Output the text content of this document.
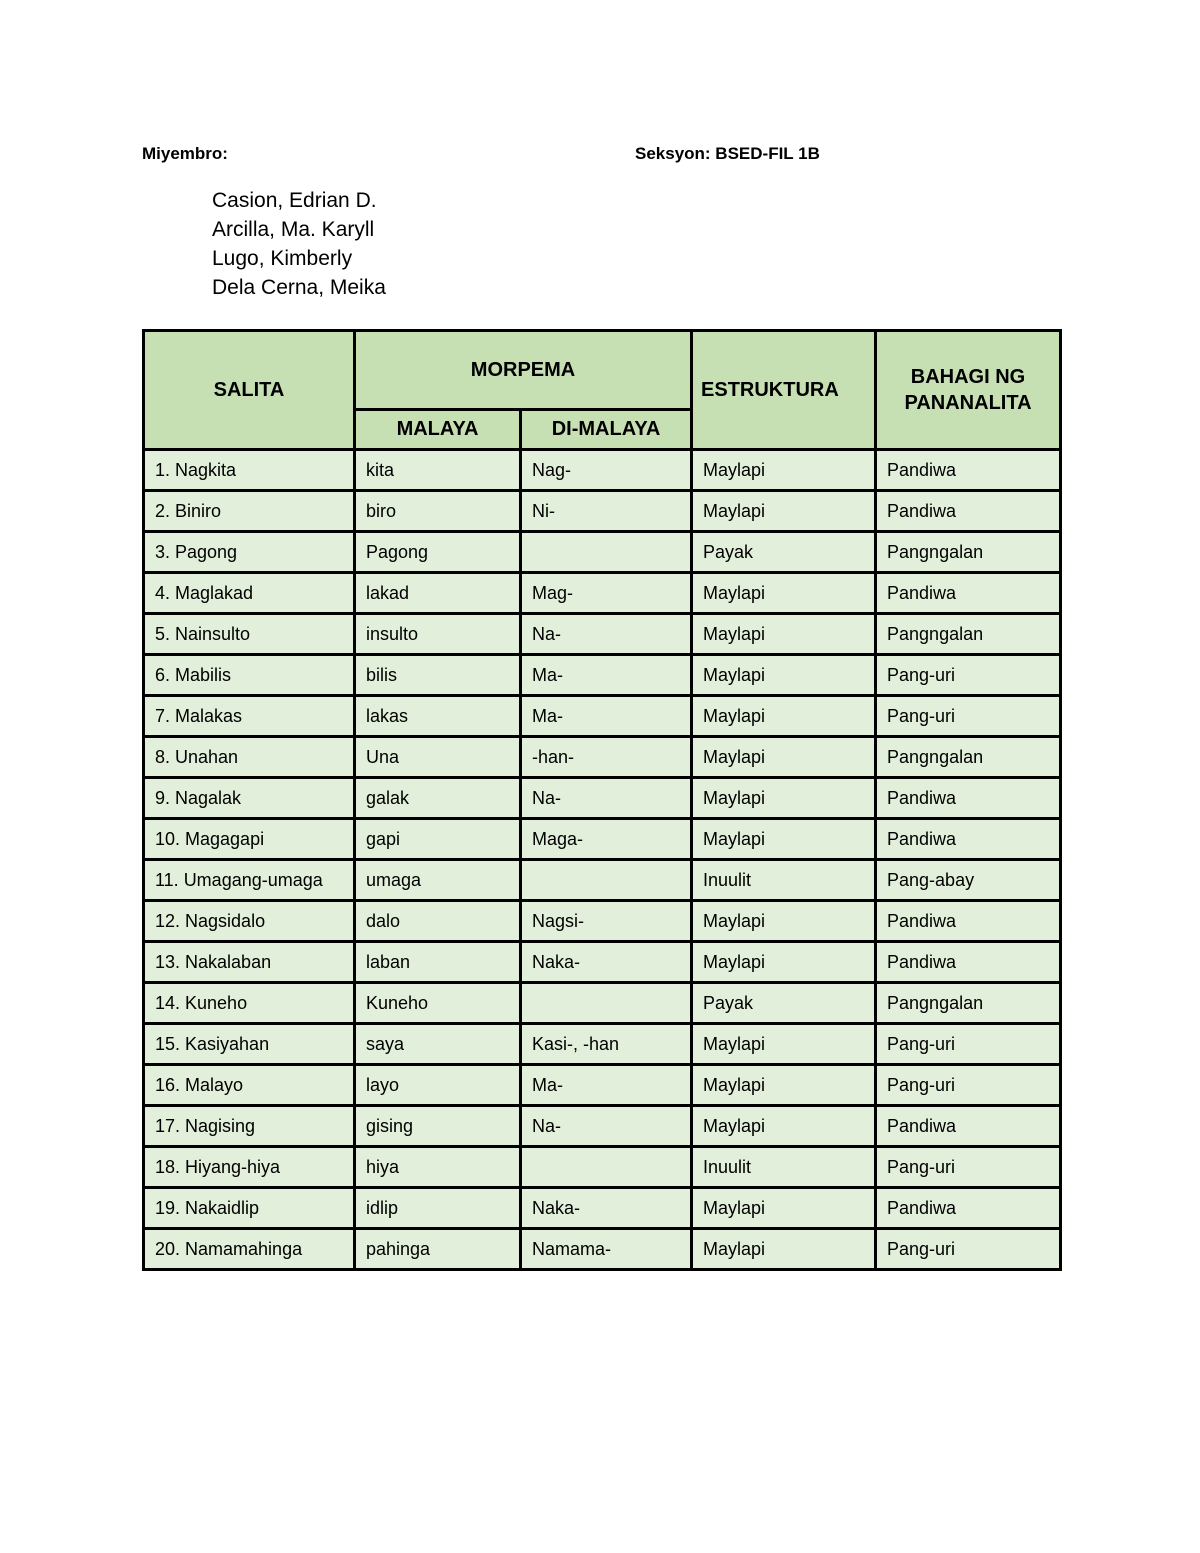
Miyembro:	Seksyon: BSED-FIL 1B
Casion, Edrian D.
Arcilla, Ma. Karyll
Lugo, Kimberly
Dela Cerna, Meika
SALITA	MORPEMA		ESTRUKTURA	BAHAGI NG
PANANALITA
	MALAYA	DI-MALAYA		
1. Nagkita	kita	Nag-	Maylapi	Pandiwa
2. Biniro	biro	Ni-	Maylapi	Pandiwa
3. Pagong	Pagong		Payak	Pangngalan
4. Maglakad	lakad	Mag-	Maylapi	Pandiwa
5. Nainsulto	insulto	Na-	Maylapi	Pangngalan
6. Mabilis	bilis	Ma-	Maylapi	Pang-uri
7. Malakas	lakas	Ma-	Maylapi	Pang-uri
8. Unahan	Una	-han-	Maylapi	Pangngalan
9. Nagalak	galak	Na-	Maylapi	Pandiwa
10. Magagapi	gapi	Maga-	Maylapi	Pandiwa
11. Umagang-umaga	umaga		Inuulit	Pang-abay
12. Nagsidalo	dalo	Nagsi-	Maylapi	Pandiwa
13. Nakalaban	laban	Naka-	Maylapi	Pandiwa
14. Kuneho	Kuneho		Payak	Pangngalan
15. Kasiyahan	saya	Kasi-, -han	Maylapi	Pang-uri
16. Malayo	layo	Ma-	Maylapi	Pang-uri
17. Nagising	gising	Na-	Maylapi	Pandiwa
18. Hiyang-hiya	hiya		Inuulit	Pang-uri
19. Nakaidlip	idlip	Naka-	Maylapi	Pandiwa
20. Namamahinga	pahinga	Namama-	Maylapi	Pang-uri
